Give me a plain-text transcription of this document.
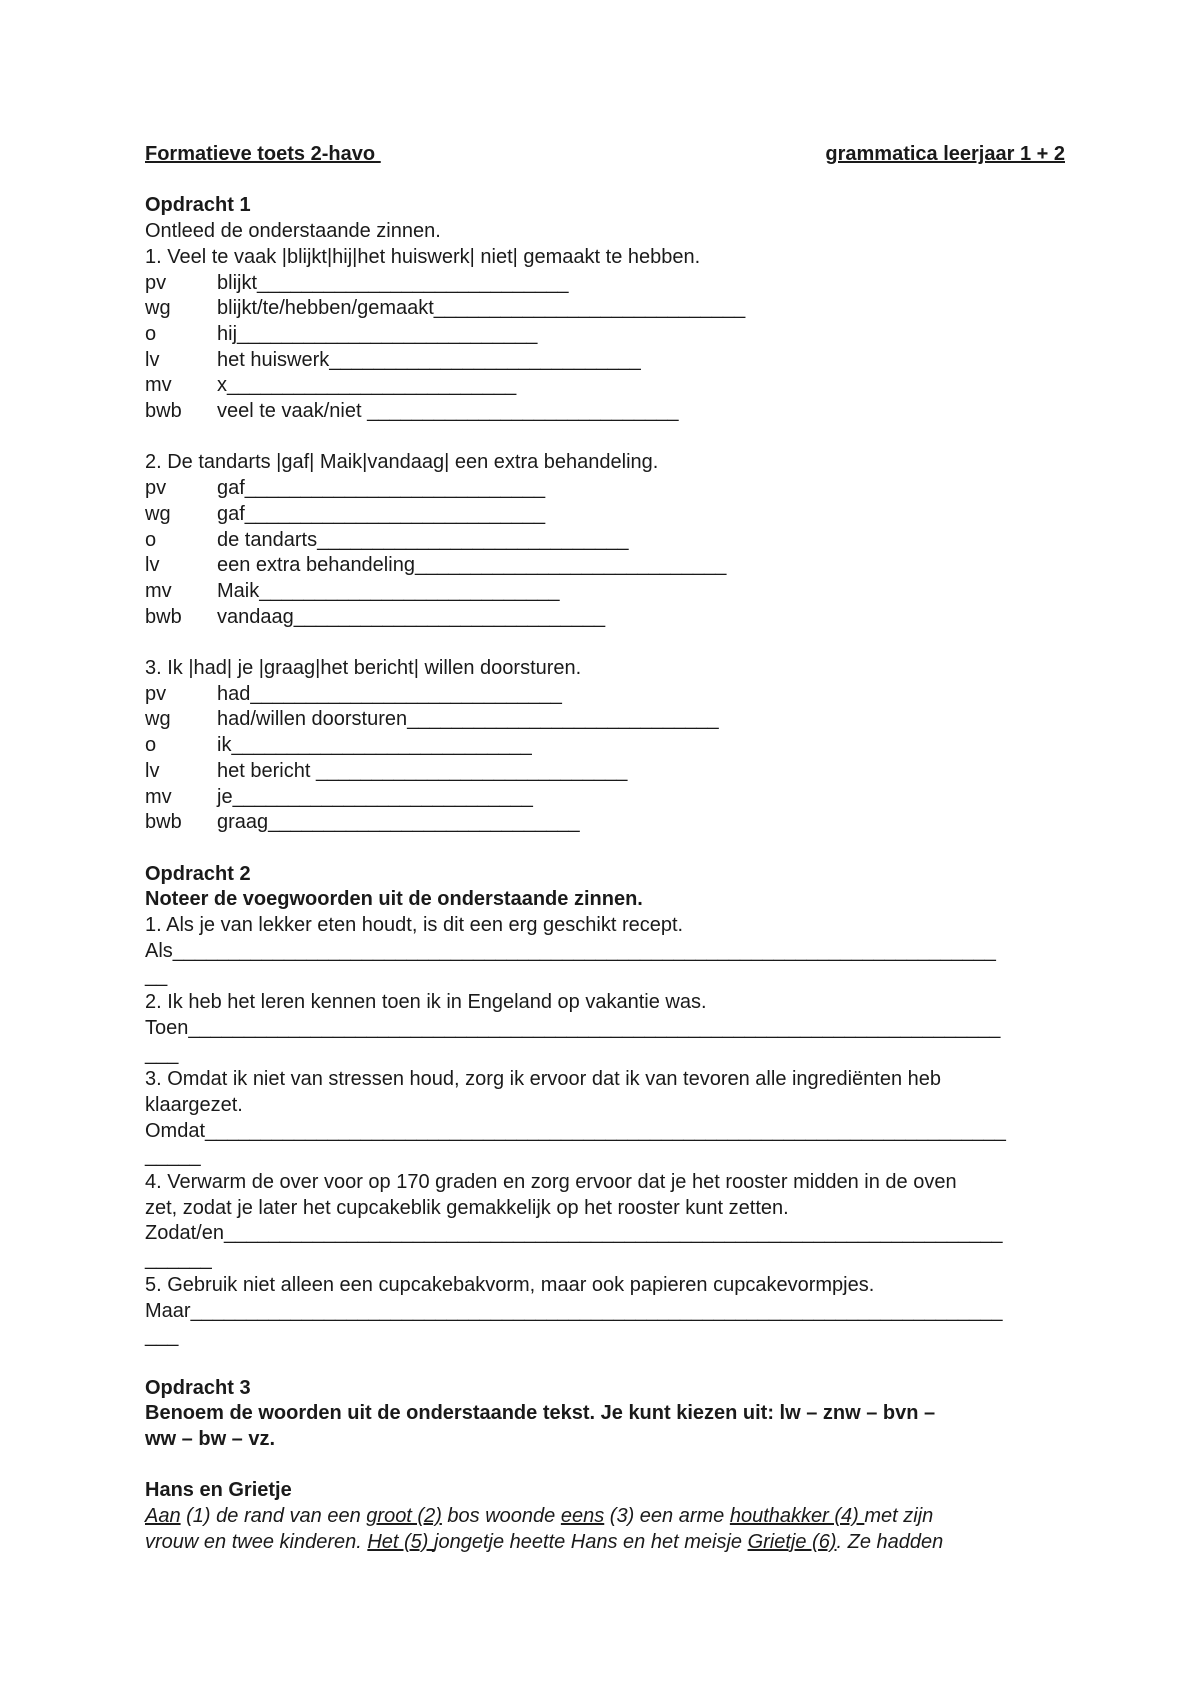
Formatieve toets 2-havo
	grammatica leerjaar 1 + 2
Opdracht 1
Ontleed de onderstaande zinnen.
1. Veel te vaak |blijkt|hij|het huiswerk| niet| gemaakt te hebben.
pv	blijkt____________________________
wg	blijkt/te/hebben/gemaakt____________________________
o	hij___________________________
lv	het huiswerk____________________________
mv	x__________________________
bwb	veel te vaak/niet ____________________________
2. De tandarts |gaf| Maik|vandaag| een extra behandeling.
pv	gaf___________________________
wg	gaf___________________________
o	de tandarts____________________________
lv	een extra behandeling____________________________
mv	Maik___________________________
bwb	vandaag____________________________
3. Ik |had| je |graag|het bericht| willen doorsturen.
pv	had____________________________
wg	had/willen doorsturen____________________________
o	ik___________________________
lv	het bericht ____________________________
mv	je___________________________
bwb	graag____________________________
Opdracht 2
Noteer de voegwoorden uit de onderstaande zinnen.
1. Als je van lekker eten houdt, is dit een erg geschikt recept.
Als__________________________________________________________________________
__
2. Ik heb het leren kennen toen ik in Engeland op vakantie was.
Toen_________________________________________________________________________
___
3. Omdat ik niet van stressen houd, zorg ik ervoor dat ik van tevoren alle ingrediënten heb
klaargezet.
Omdat________________________________________________________________________
_____
4. Verwarm de over voor op 170 graden en zorg ervoor dat je het rooster midden in de oven
zet, zodat je later het cupcakeblik gemakkelijk op het rooster kunt zetten.
Zodat/en______________________________________________________________________
______
5. Gebruik niet alleen een cupcakebakvorm, maar ook papieren cupcakevormpjes.
Maar_________________________________________________________________________
___
Opdracht 3
Benoem de woorden uit de onderstaande tekst. Je kunt kiezen uit: lw – znw – bvn –
ww – bw – vz.
Hans en Grietje
Aan (1) de rand van een groot (2) bos woonde eens (3) een arme houthakker (4) met zijn
vrouw en twee kinderen. Het (5) jongetje heette Hans en het meisje Grietje (6). Ze hadden
